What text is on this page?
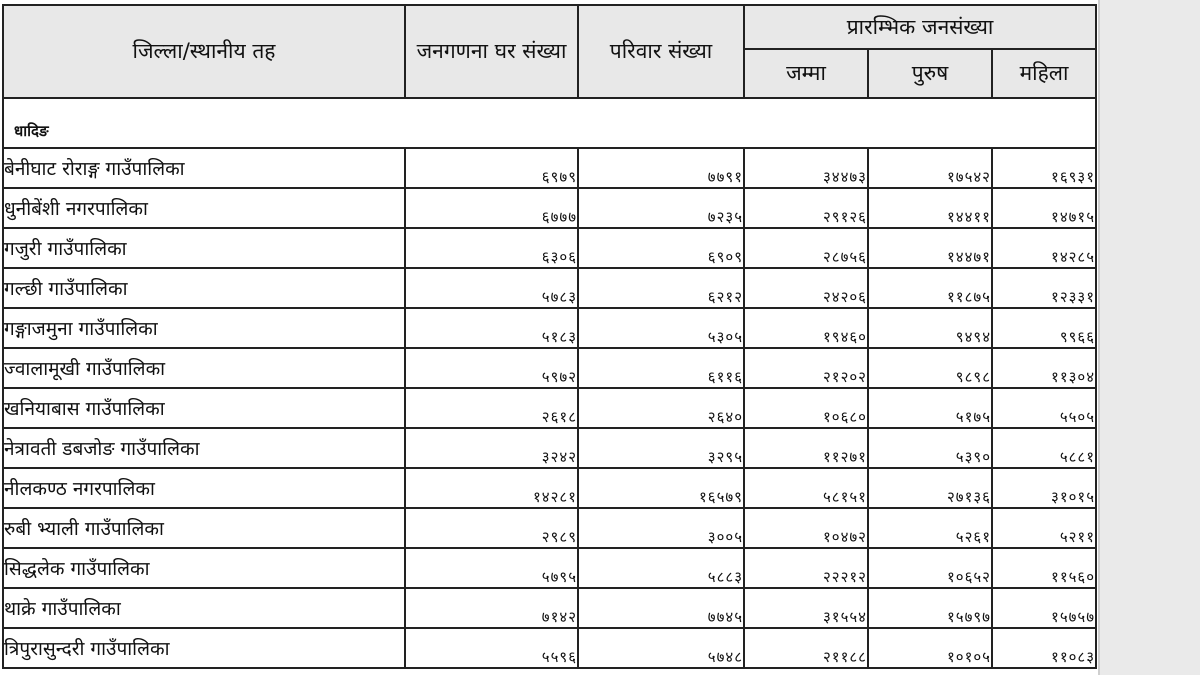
जिल्ला/स्थानीय तह	जनगणना घर संख्या	परिवार संख्या	प्रारम्भिक जनसंख्या		
			जम्मा	पुरुष	महिला
धादिङ					
बेनीघाट रोराङ्ग गाउँपालिका	६९७९	७७९१	३४४७३	१७५४२	१६९३१
धुनीबेंशी नगरपालिका	६७७७	७२३५	२९१२६	१४४११	१४७१५
गजुरी गाउँपालिका	६३०६	६९०९	२८७५६	१४४७१	१४२८५
गल्छी गाउँपालिका	५७८३	६२१२	२४२०६	११८७५	१२३३१
गङ्गाजमुना गाउँपालिका	५१८३	५३०५	१९४६०	९४९४	९९६६
ज्वालामूखी गाउँपालिका	५९७२	६११६	२१२०२	९८९८	११३०४
खनियाबास गाउँपालिका	२६१८	२६४०	१०६८०	५१७५	५५०५
नेत्रावती डबजोङ गाउँपालिका	३२४२	३२९५	११२७१	५३९०	५८८१
नीलकण्ठ नगरपालिका	१४२८१	१६५७९	५८१५१	२७१३६	३१०१५
रुबी भ्याली गाउँपालिका	२९८९	३००५	१०४७२	५२६१	५२११
सिद्धलेक गाउँपालिका	५७९५	५८८३	२२२१२	१०६५२	११५६०
थाक्रे गाउँपालिका	७१४२	७७४५	३१५५४	१५७९७	१५७५७
त्रिपुरासुन्दरी गाउँपालिका	५५९६	५७४८	२११८८	१०१०५	११०८३
